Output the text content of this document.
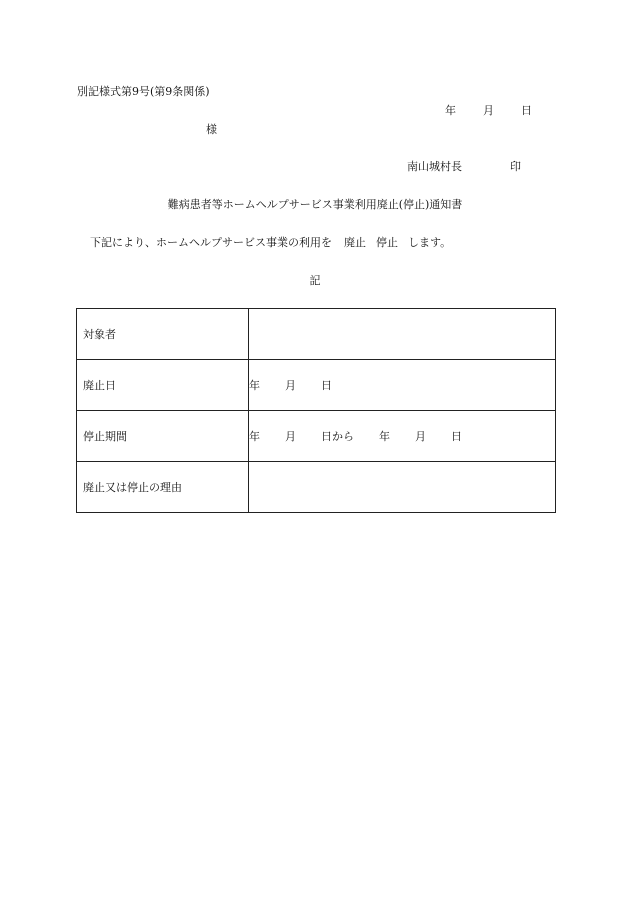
別記様式第9号(第9条関係)
年 月 日
様
南山城村長	印
難病患者等ホームヘルプサービス事業利用廃止(停止)通知書
下記により、ホームヘルプサービス事業の利用を 廃止 停止 します。
記
対象者	
廃止日	年 月 日
停止期間	年 月 日から 年 月 日
廃止又は停止の理由	
